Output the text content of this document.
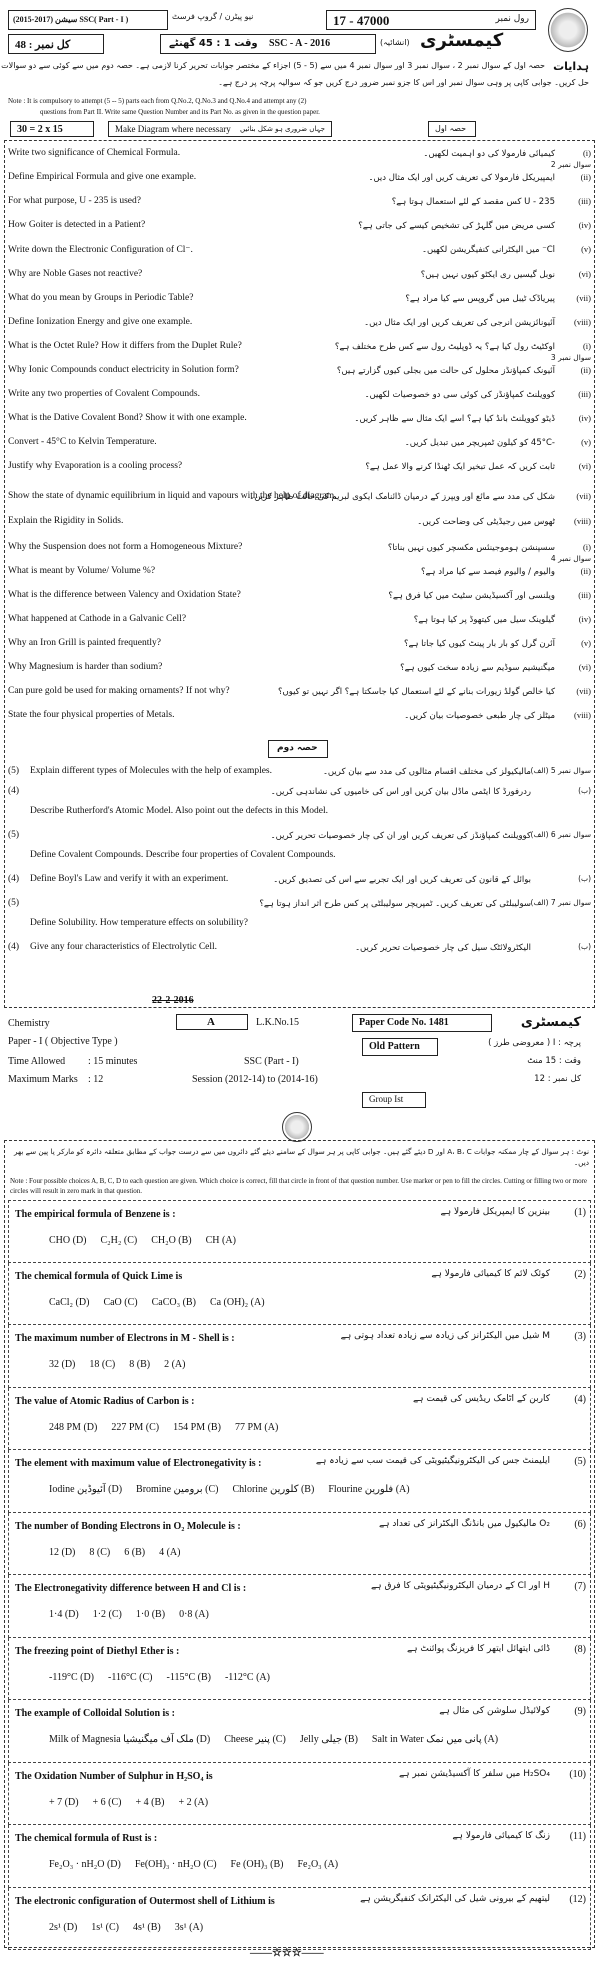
17 - 47000	رول نمبر
(2015-2017) سیشن SSC( Part - I )	نیو پیٹرن / گروپ فرسٹ
کیمسٹری
(انشائیہ)
کل نمبر : 48	وقت 1 : 45 گھنٹے SSC - A - 2016
ہدایات
حصہ اول کے سوال نمبر 2 ، سوال نمبر 3 اور سوال نمبر 4 میں سے (5 - 5) اجزاء کے مختصر جوابات تحریر کرنا لازمی ہے۔ حصہ دوم میں سے کوئی سے دو سوالات
حل کریں۔ جوابی کاپی پر وہی سوال نمبر اور اس کا جزو نمبر ضرور درج کریں جو کہ سوالیہ پرچہ پر درج ہے۔
Note : It is compulsory to attempt (5 -- 5) parts each from Q.No.2, Q.No.3 and Q.No.4 and attempt any (2)
questions from Part II. Write same Question Number and its Part No. as given in the question paper.
30 = 2 x 15	Make Diagram where necessary جہاں ضروری ہو شکل بنائیں	حصہ اول
Write two significance of Chemical Formula.	کیمیائی فارمولا کی دو اہمیت لکھیں۔	(i)
سوال نمبر 2
Define Empirical Formula and give one example.	ایمپیریکل فارمولا کی تعریف کریں اور ایک مثال دیں۔	(ii)
For what purpose, U - 235 is used?	U - 235 کس مقصد کے لئے استعمال ہوتا ہے؟	(iii)
How Goiter is detected in a Patient?	کسی مریض میں گلہڑ کی تشخیص کیسے کی جاتی ہے؟	(iv)
Write down the Electronic Configuration of Cl⁻.	Cl⁻ میں الیکٹرانی کنفیگریشن لکھیں۔	(v)
Why are Noble Gases not reactive?	نوبل گیسیں ری ایکٹو کیوں نہیں ہیں؟	(vi)
What do you mean by Groups in Periodic Table?	پیریاڈک ٹیبل میں گروپس سے کیا مراد ہے؟	(vii)
Define Ionization Energy and give one example.	آئیونائزیشن انرجی کی تعریف کریں اور ایک مثال دیں۔ (viii)
What is the Octet Rule? How it differs from the Duplet Rule?	اوکٹیٹ رول کیا ہے؟ یہ ڈوپلیٹ رول سے کس طرح مختلف ہے؟	(i)
سوال نمبر 3
Why Ionic Compounds conduct electricity in Solution form?	آئیونک کمپاؤنڈز محلول کی حالت میں بجلی کیوں گزارتے ہیں؟	(ii)
Write any two properties of Covalent Compounds.	کوویلنٹ کمپاؤنڈز کی کوئی سی دو خصوصیات لکھیں۔	(iii)
What is the Dative Covalent Bond? Show it with one example.	ڈیٹو کوویلنٹ بانڈ کیا ہے؟ اسے ایک مثال سے ظاہر کریں۔	(iv)
Convert - 45°C to Kelvin Temperature.	-45°C کو کیلون ٹمپریچر میں تبدیل کریں۔	(v)
Justify why Evaporation is a cooling process?	ثابت کریں کہ عمل تبخیر ایک ٹھنڈا کرنے والا عمل ہے؟	(vi)
Show the state of dynamic equilibrium in liquid and vapours with the help of diagram.
شکل کی مدد سے مائع اور ویپرز کے درمیان ڈائنامک ایکوی لبریم کی حالت ظاہر کریں۔	(vii)
Explain the Rigidity in Solids.	ٹھوس میں رجیڈیٹی کی وضاحت کریں۔ (viii)
Why the Suspension does not form a Homogeneous Mixture?	سسپنشن ہوموجینئس مکسچر کیوں نہیں بناتا؟	(i)
سوال نمبر 4
What is meant by Volume/ Volume %?	والیوم / والیوم فیصد سے کیا مراد ہے؟	(ii)
What is the difference between Valency and Oxidation State?	ویلنسی اور آکسیڈیشن سٹیٹ میں کیا فرق ہے؟	(iii)
What happened at Cathode in a Galvanic Cell?	گیلوینک سیل میں کیتھوڈ پر کیا ہوتا ہے؟	(iv)
Why an Iron Grill is painted frequently?	آئرن گرل کو بار بار پینٹ کیوں کیا جاتا ہے؟	(v)
Why Magnesium is harder than sodium?	میگنیشیم سوڈیم سے زیادہ سخت کیوں ہے؟	(vi)
Can pure gold be used for making ornaments? If not why?	کیا خالص گولڈ زیورات بنانے کے لئے استعمال کیا جاسکتا ہے؟ اگر نہیں تو کیوں؟	(vii)
State the four physical properties of Metals.	میٹلز کی چار طبعی خصوصیات بیان کریں۔ (viii)
حصہ دوم
(5) Explain different types of Molecules with the help of examples.	مالیکیولز کی مختلف اقسام مثالوں کی مدد سے بیان کریں۔ سوال نمبر 5 (الف)
(4)	ردرفورڈ کا ایٹمی ماڈل بیان کریں اور اس کی خامیوں کی نشاندہی کریں۔	(ب)
Describe Rutherford's Atomic Model. Also point out the defects in this Model.
(5)	کوویلنٹ کمپاؤنڈز کی تعریف کریں اور ان کی چار خصوصیات تحریر کریں۔ سوال نمبر 6 (الف)
Define Covalent Compounds. Describe four properties of Covalent Compounds.
(4) Define Boyl's Law and verify it with an experiment.	بوائل کے قانون کی تعریف کریں اور ایک تجربے سے اس کی تصدیق کریں۔	(ب)
(5)	سولیبلٹی کی تعریف کریں۔ ٹمپریچر سولیبلٹی پر کس طرح اثر انداز ہوتا ہے؟ سوال نمبر 7 (الف)
Define Solubility. How temperature effects on solubility?
(4) Give any four characteristics of Electrolytic Cell.	الیکٹرولائٹک سیل کی چار خصوصیات تحریر کریں۔	(ب)
22-2-2016
Chemistry	A	L.K.No.15	Paper Code No. 1481	کیمسٹری
Paper - I ( Objective Type )	Old Pattern	پرچہ : I ( معروضی طرز )
Time Allowed : 15 minutes	SSC (Part - I)	وقت : 15 منٹ
Maximum Marks : 12	Session (2012-14) to (2014-16)	کل نمبر : 12
Group Ist
نوٹ : ہر سوال کے چار ممکنہ جوابات A، B، C اور D دیئے گئے ہیں۔ جوابی کاپی پر ہر سوال کے سامنے دیئے گئے دائروں میں سے درست جواب کے مطابق متعلقہ دائرہ کو مارکر یا پین سے بھر دیں۔
Note : Four possible choices A, B, C, D to each question are given. Which choice is correct, fill that circle in front of that question number. Use marker or pen to fill the circles. Cutting or filling two or more circles will result in zero mark in that question.
The empirical formula of Benzene is :	بینزین کا ایمپریکل فارمولا ہے (1)
CHO (D) C₂H₂ (C) CH₂O (B) CH (A)
The chemical formula of Quick Lime is	کوئک لائم کا کیمیائی فارمولا ہے (2)
CaCl₂ (D) CaO (C) CaCO₃ (B) Ca (OH)₂ (A)
The maximum number of Electrons in M - Shell is :	M شیل میں الیکٹرانز کی زیادہ سے زیادہ تعداد ہوتی ہے (3)
32 (D) 18 (C) 8 (B) 2 (A)
The value of Atomic Radius of Carbon is :	کاربن کے اٹامک ریڈیس کی قیمت ہے (4)
248 PM (D) 227 PM (C) 154 PM (B) 77 PM (A)
The element with maximum value of Electronegativity is :	ایلیمنٹ جس کی الیکٹرونیگیٹیویٹی کی قیمت سب سے زیادہ ہے (5)
Iodine آئیوڈین (D) Bromine برومین (C) Chlorine کلورین (B) Flourine فلورین (A)
The number of Bonding Electrons in O₂ Molecule is :	O₂ مالیکیول میں بانڈنگ الیکٹرانز کی تعداد ہے (6)
12 (D) 8 (C) 6 (B) 4 (A)
The Electronegativity difference between H and Cl is :	H اور Cl کے درمیان الیکٹرونیگیٹیویٹی کا فرق ہے (7)
1·4 (D) 1·2 (C) 1·0 (B) 0·8 (A)
The freezing point of Diethyl Ether is :	ڈائی ایتھائل ایتھر کا فریزنگ پوائنٹ ہے (8)
-119°C (D) -116°C (C) -115°C (B) -112°C (A)
The example of Colloidal Solution is :	کولائیڈل سلوشن کی مثال ہے (9)
Milk of Magnesia ملک آف میگنیشیا (D) Cheese پنیر (C) Jelly جیلی (B) Salt in Water پانی میں نمک (A)
The Oxidation Number of Sulphur in H₂SO₄ is	H₂SO₄ میں سلفر کا آکسیڈیشن نمبر ہے (10)
+ 7 (D) + 6 (C) + 4 (B) + 2 (A)
The chemical formula of Rust is :	زنگ کا کیمیائی فارمولا ہے (11)
Fe₂O₃ · nH₂O (D) Fe(OH)₃ · nH₂O (C) Fe (OH)₃ (B) Fe₂O₃ (A)
The electronic configuration of Outermost shell of Lithium is	لیتھیم کے بیرونی شیل کی الیکٹرانک کنفیگریشن ہے (12)
2s¹ (D) 1s¹ (C) 4s¹ (B) 3s¹ (A)
——☆☆☆——
